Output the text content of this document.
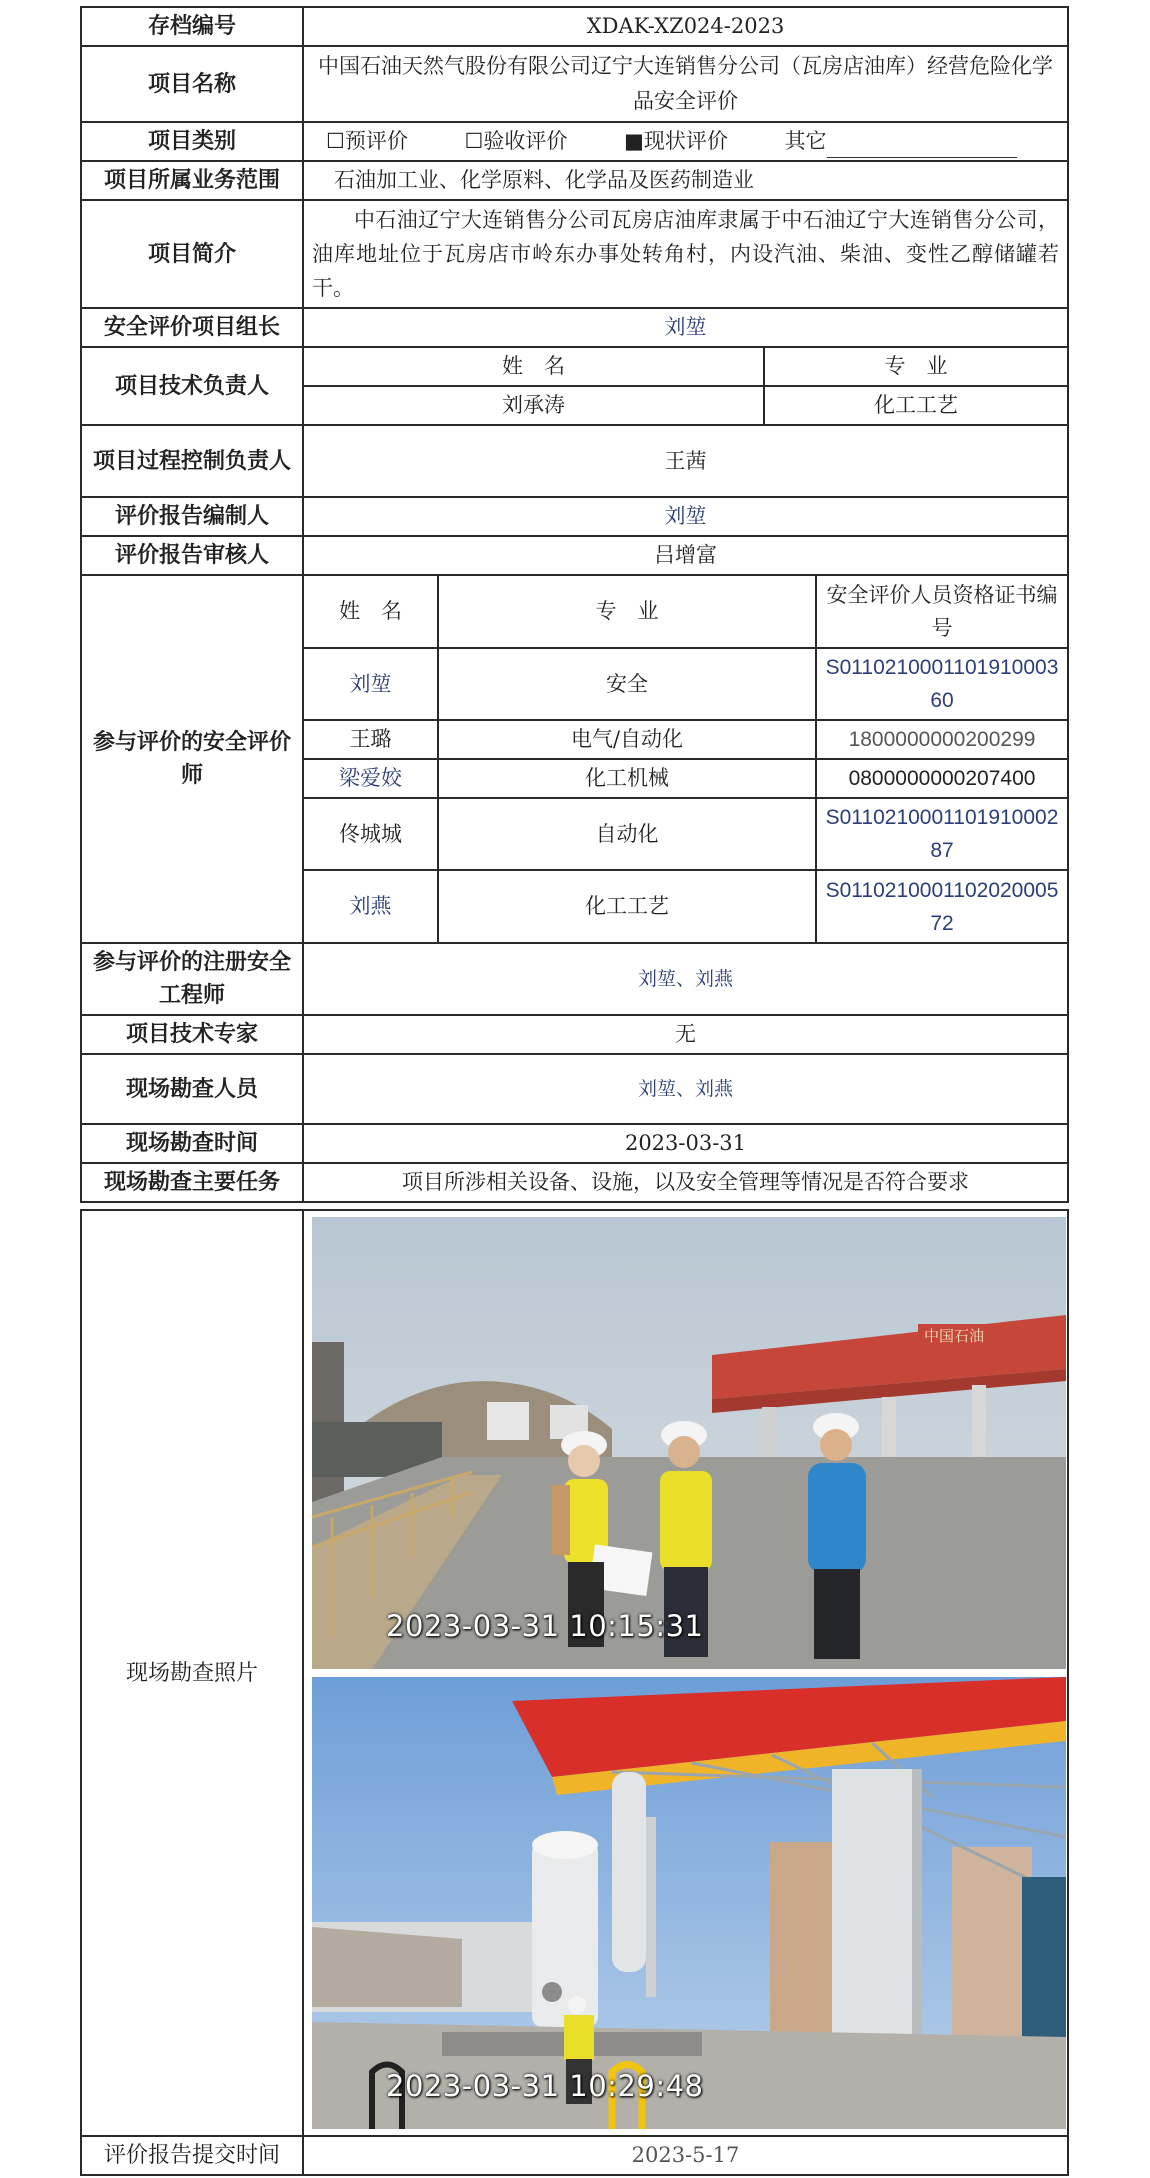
存档编号	XDAK-XZ024-2023
项目名称	中国石油天然气股份有限公司辽宁大连销售分公司（瓦房店油库）经营危险化学品安全评价
项目类别	☐预评价	☐验收评价	■现状评价	其它
项目所属业务范围	石油加工业、化学原料、化学品及医药制造业
项目简介	中石油辽宁大连销售分公司瓦房店油库隶属于中石油辽宁大连销售分公司，油库地址位于瓦房店市岭东办事处转角村，内设汽油、柴油、变性乙醇储罐若干。
安全评价项目组长	刘堃
项目技术负责人	
姓　名	专　业
刘承涛	化工工艺

项目过程控制负责人	王茜
评价报告编制人	刘堃
评价报告审核人	吕增富
参与评价的安全评价师	
姓　名	专　业	安全评价人员资格证书编号
刘堃	安全	S011021000110191000360
王璐	电气/自动化	1800000000200299
梁爱姣	化工机械	0800000000207400
佟城城	自动化	S011021000110191000287
刘燕	化工工艺	S011021000110202000572

参与评价的注册安全工程师	刘堃、刘燕
项目技术专家	无
现场勘查人员	刘堃、刘燕
现场勘查时间	2023-03-31
现场勘查主要任务	项目所涉相关设备、设施，以及安全管理等情况是否符合要求

现场勘查照片	
中国石油
2023-03-31 10:15:31
2023-03-31 10:29:48

评价报告提交时间	2023-5-17
